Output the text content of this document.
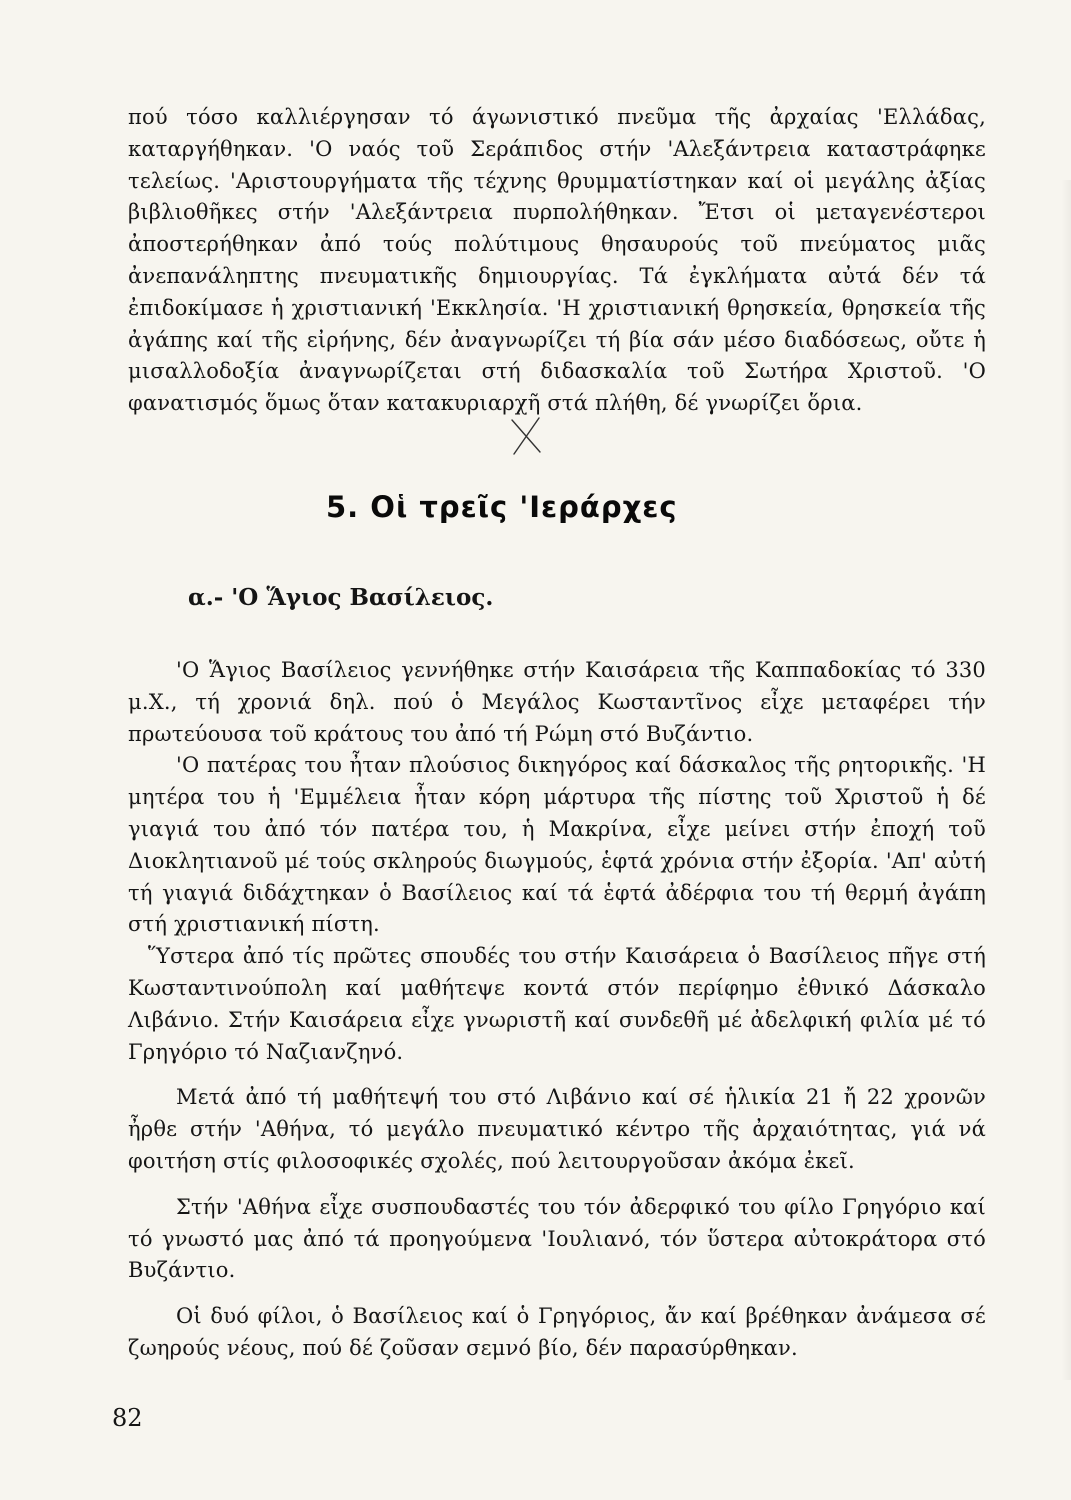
πού τόσο καλλιέργησαν τό άγωνιστικό πνεῦμα τῆς ἀρχαίας 'Ελλάδας, καταργήθηκαν. 'Ο ναός τοῦ Σεράπιδος στήν 'Αλεξάντρεια καταστράφηκε τελείως. 'Αριστουργήματα τῆς τέχνης θρυμματίστηκαν καί οἱ μεγάλης ἀξίας βιβλιοθῆκες στήν 'Αλεξάντρεια πυρπολήθηκαν. Ἔτσι οἱ μεταγενέστεροι ἀποστερήθηκαν ἀπό τούς πολύτιμους θησαυρούς τοῦ πνεύματος μιᾶς ἀνεπανάληπτης πνευματικῆς δημιουργίας. Τά ἐγκλήματα αὐτά δέν τά ἐπιδοκίμασε ἡ χριστιανική 'Εκκλησία. 'Η χριστιανική θρησκεία, θρησκεία τῆς ἀγάπης καί τῆς εἰρήνης, δέν ἀναγνωρίζει τή βία σάν μέσο διαδόσεως, οὔτε ἡ μισαλλοδοξία ἀναγνωρίζεται στή διδασκαλία τοῦ Σωτήρα Χριστοῦ. 'Ο φανατισμός ὅμως ὅταν κατακυριαρχῆ στά πλήθη, δέ γνωρίζει ὅρια.

5. Οἱ τρεῖς 'Ιεράρχες
α.- 'Ο Ἅγιος Βασίλειος.

'Ο Ἅγιος Βασίλειος γεννήθηκε στήν Καισάρεια τῆς Καππαδοκίας τό 330 μ.Χ., τή χρονιά δηλ. πού ὁ Μεγάλος Κωσταντῖνος εἶχε μεταφέρει τήν πρωτεύουσα τοῦ κράτους του ἀπό τή Ρώμη στό Βυζάντιο.

'Ο πατέρας του ἦταν πλούσιος δικηγόρος καί δάσκαλος τῆς ρητορικῆς. 'Η μητέρα του ἡ 'Εμμέλεια ἦταν κόρη μάρτυρα τῆς πίστης τοῦ Χριστοῦ ἡ δέ γιαγιά του ἀπό τόν πατέρα του, ἡ Μακρίνα, εἶχε μείνει στήν ἐποχή τοῦ Διοκλητιανοῦ μέ τούς σκληρούς διωγμούς, ἑφτά χρόνια στήν ἐξορία. 'Απ' αὐτή τή γιαγιά διδάχτηκαν ὁ Βασίλειος καί τά ἑφτά ἀδέρφια του τή θερμή ἀγάπη στή χριστιανική πίστη.

Ὕστερα ἀπό τίς πρῶτες σπουδές του στήν Καισάρεια ὁ Βασίλειος πῆγε στή Κωσταντινούπολη καί μαθήτεψε κοντά στόν περίφημο ἐθνικό Δάσκαλο Λιβάνιο. Στήν Καισάρεια εἶχε γνωριστῆ καί συνδεθῆ μέ ἀδελφική φιλία μέ τό Γρηγόριο τό Ναζιανζηνό.

Μετά ἀπό τή μαθήτεψή του στό Λιβάνιο καί σέ ἡλικία 21 ἤ 22 χρονῶν ἦρθε στήν 'Αθήνα, τό μεγάλο πνευματικό κέντρο τῆς ἀρχαιότητας, γιά νά φοιτήση στίς φιλοσοφικές σχολές, πού λειτουργοῦσαν ἀκόμα ἐκεῖ.

Στήν 'Αθήνα εἶχε συσπουδαστές του τόν ἀδερφικό του φίλο Γρηγόριο καί τό γνωστό μας ἀπό τά προηγούμενα 'Ιουλιανό, τόν ὕστερα αὐτοκράτορα στό Βυζάντιο.

Οἱ δυό φίλοι, ὁ Βασίλειος καί ὁ Γρηγόριος, ἄν καί βρέθηκαν ἀνάμεσα σέ ζωηρούς νέους, πού δέ ζοῦσαν σεμνό βίο, δέν παρασύρθηκαν.

82
